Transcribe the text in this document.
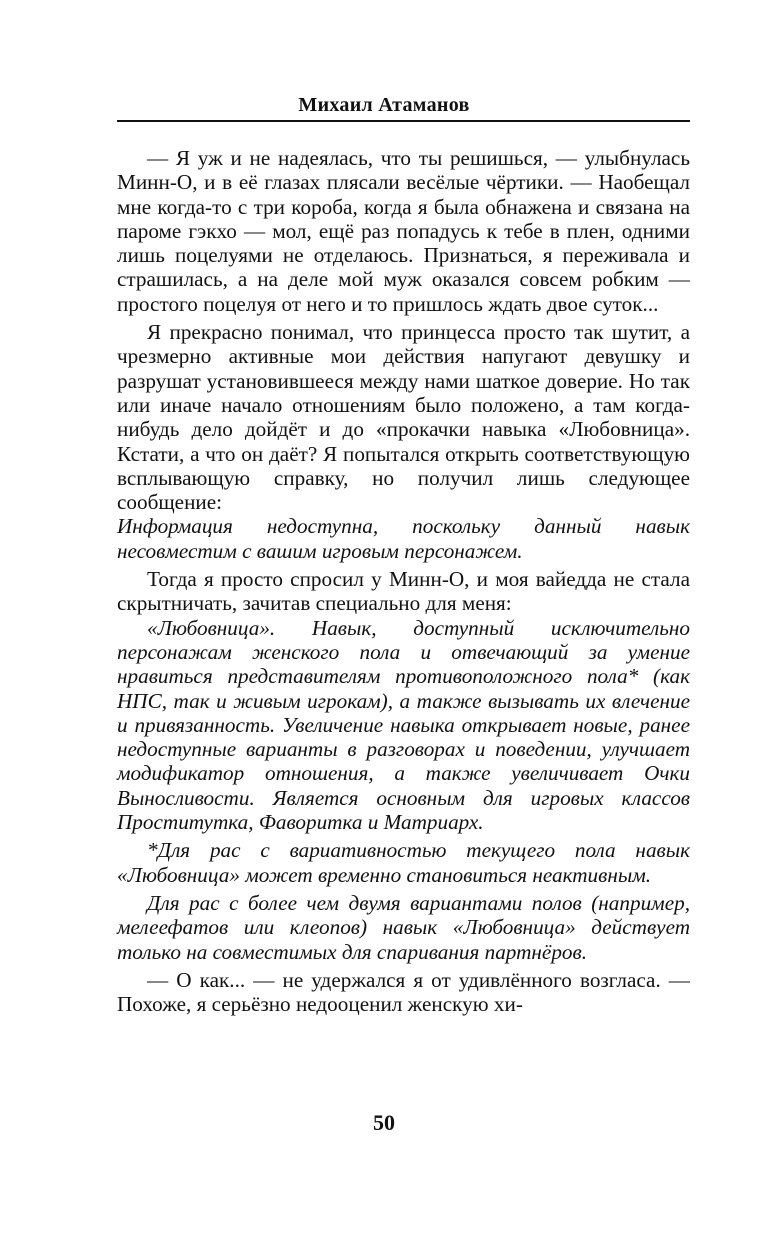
Михаил Атаманов

— Я уж и не надеялась, что ты решишься, — улыбнулась Минн-О, и в её глазах плясали весёлые чёртики. — Наобещал мне когда-то с три короба, когда я была обнажена и связана на пароме гэкхо — мол, ещё раз попадусь к тебе в плен, одними лишь поцелуями не отделаюсь. Признаться, я переживала и страшилась, а на деле мой муж оказался совсем робким — простого поцелуя от него и то пришлось ждать двое суток...

Я прекрасно понимал, что принцесса просто так шутит, а чрезмерно активные мои действия напугают девушку и разрушат установившееся между нами шаткое доверие. Но так или иначе начало отношениям было положено, а там когда-нибудь дело дойдёт и до «прокачки навыка «Любовница». Кстати, а что он даёт? Я попытался открыть соответствующую всплывающую справку, но получил лишь следующее сообщение:

Информация недоступна, поскольку данный навык несовместим с вашим игровым персонажем.

Тогда я просто спросил у Минн-О, и моя вайедда не стала скрытничать, зачитав специально для меня:

«Любовница». Навык, доступный исключительно персонажам женского пола и отвечающий за умение нравиться представителям противоположного пола* (как НПС, так и живым игрокам), а также вызывать их влечение и привязанность. Увеличение навыка открывает новые, ранее недоступные варианты в разговорах и поведении, улучшает модификатор отношения, а также увеличивает Очки Выносливости. Является основным для игровых классов Проститутка, Фаворитка и Матриарх.

*Для рас с вариативностью текущего пола навык «Любовница» может временно становиться неактивным.

Для рас с более чем двумя вариантами полов (например, мелеефатов или клеопов) навык «Любовница» действует только на совместимых для спаривания партнёров.

— О как... — не удержался я от удивлённого возгласа. — Похоже, я серьёзно недооценил женскую хи-

50
